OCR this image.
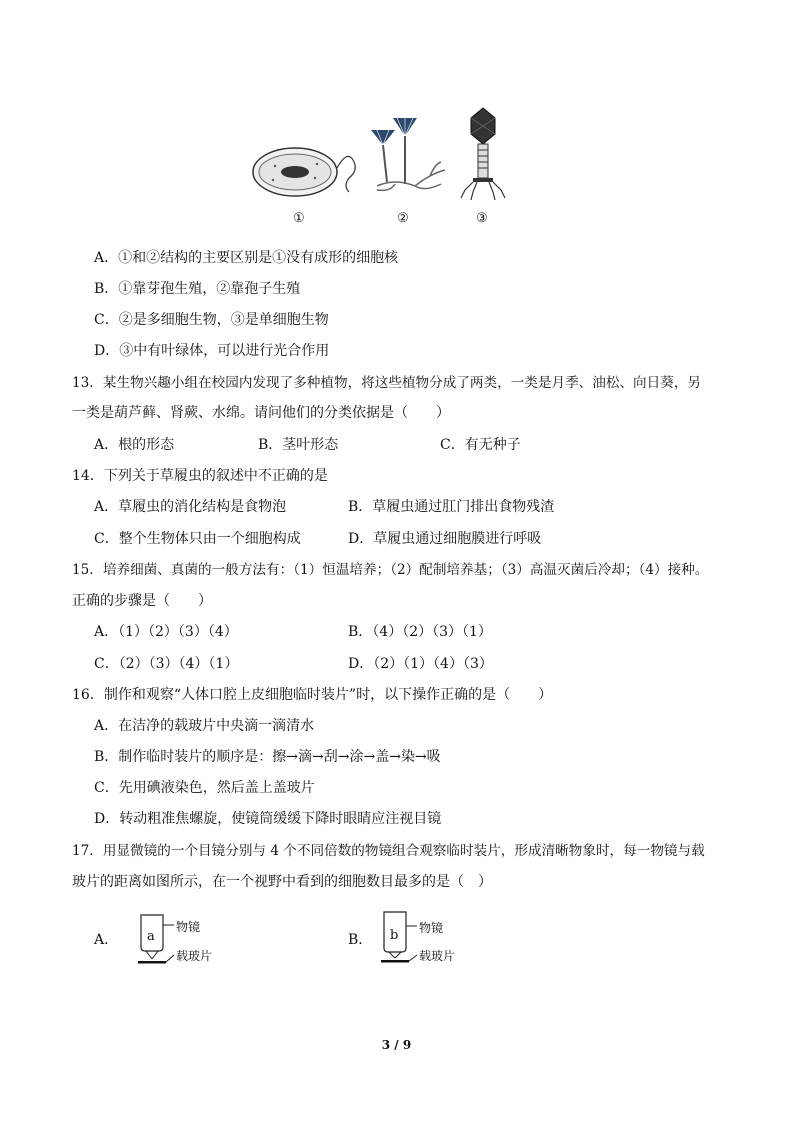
①	②	③
A．①和②结构的主要区别是①没有成形的细胞核
B．①靠芽孢生殖，②靠孢子生殖
C．②是多细胞生物，③是单细胞生物
D．③中有叶绿体，可以进行光合作用
13．某生物兴趣小组在校园内发现了多种植物，将这些植物分成了两类，一类是月季、油松、向日葵，另
一类是葫芦藓、肾蕨、水绵。请问他们的分类依据是（　　）
A．根的形态	B．茎叶形态	C．有无种子
14．下列关于草履虫的叙述中不正确的是
A．草履虫的消化结构是食物泡	B．草履虫通过肛门排出食物残渣
C．整个生物体只由一个细胞构成	D．草履虫通过细胞膜进行呼吸
15．培养细菌、真菌的一般方法有：（1）恒温培养；（2）配制培养基；（3）高温灭菌后冷却；（4）接种。
正确的步骤是（　　）
A．（1）（2）（3）（4）	B．（4）（2）（3）（1）
C．（2）（3）（4）（1）	D．（2）（1）（4）（3）
16．制作和观察“人体口腔上皮细胞临时装片”时，以下操作正确的是（　　）
A．在洁净的载玻片中央滴一滴清水
B．制作临时装片的顺序是：擦→滴→刮→涂→盖→染→吸
C．先用碘液染色，然后盖上盖玻片
D．转动粗准焦螺旋，使镜筒缓缓下降时眼睛应注视目镜
17．用显微镜的一个目镜分别与 4 个不同倍数的物镜组合观察临时装片，形成清晰物象时，每一物镜与载
玻片的距离如图所示，在一个视野中看到的细胞数目最多的是（　）
A． a
物镜
载玻片
B． b 物镜
载玻片
3 / 9
